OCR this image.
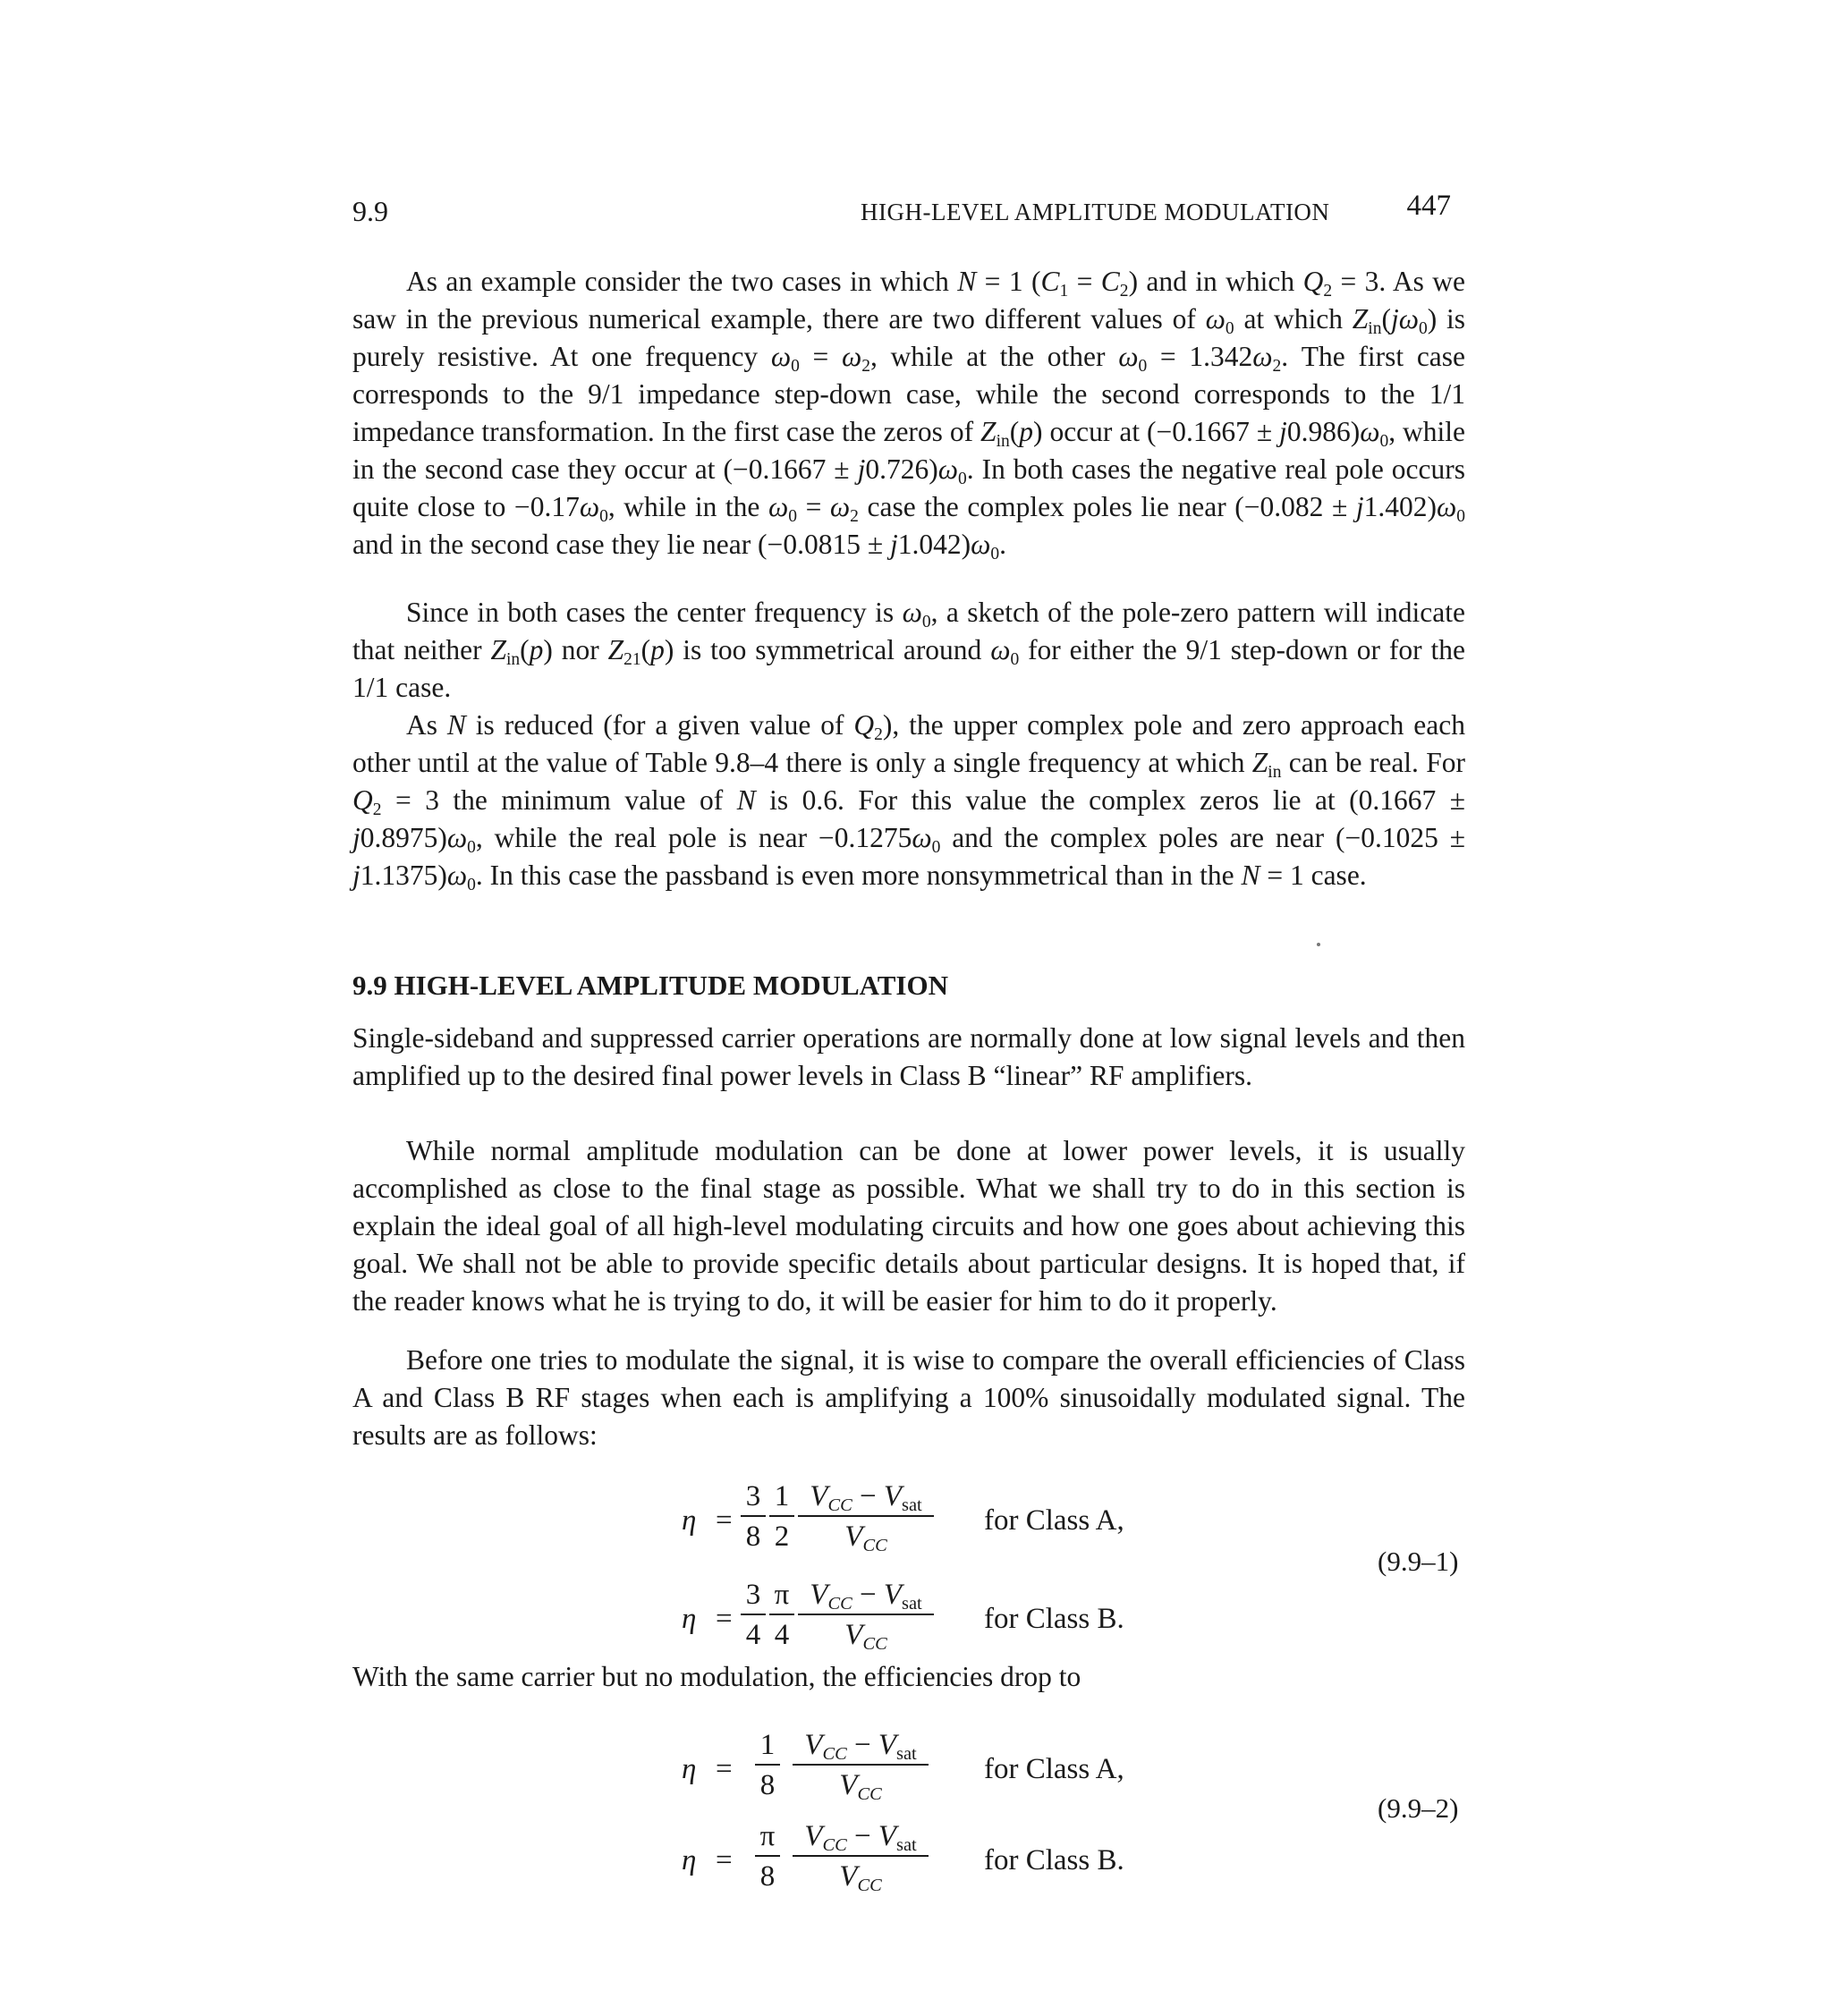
9.9	HIGH-LEVEL AMPLITUDE MODULATION	447
As an example consider the two cases in which N = 1 $(C_1 = C_2)$ and in which $Q_2 = 3$. As we saw in the previous numerical example, there are two different values of $\omega_0$ at which $Z_{in}(j\omega_0)$ is purely resistive. At one frequency $\omega_0 = \omega_2$, while at the other $\omega_0 = 1.342\omega_2$. The first case corresponds to the 9/1 impedance step-down case, while the second corresponds to the 1/1 impedance transformation. In the first case the zeros of $Z_{in}(p)$ occur at $(-0.1667 \pm j0.986)\omega_0$, while in the second case they occur at $(-0.1667 \pm j0.726)\omega_0$. In both cases the negative real pole occurs quite close to $-0.17\omega_0$, while in the $\omega_0 = \omega_2$ case the complex poles lie near $(-0.082 \pm j1.402)\omega_0$ and in the second case they lie near $(-0.0815 \pm j1.042)\omega_0$.
Since in both cases the center frequency is $\omega_0$, a sketch of the pole-zero pattern will indicate that neither $Z_{in}(p)$ nor $Z_{21}(p)$ is too symmetrical around $\omega_0$ for either the 9/1 step-down or for the 1/1 case.
As N is reduced (for a given value of $Q_2$), the upper complex pole and zero approach each other until at the value of Table 9.8–4 there is only a single frequency at which $Z_{in}$ can be real. For $Q_2 = 3$ the minimum value of N is 0.6. For this value the complex zeros lie at $(0.1667 \pm j0.8975)\omega_0$, while the real pole is near $-0.1275\omega_0$ and the complex poles are near $(-0.1025 \pm j1.1375)\omega_0$. In this case the passband is even more nonsymmetrical than in the N = 1 case.
9.9 HIGH-LEVEL AMPLITUDE MODULATION
Single-sideband and suppressed carrier operations are normally done at low signal levels and then amplified up to the desired final power levels in Class B “linear” RF amplifiers.
While normal amplitude modulation can be done at lower power levels, it is usually accomplished as close to the final stage as possible. What we shall try to do in this section is explain the ideal goal of all high-level modulating circuits and how one goes about achieving this goal. We shall not be able to provide specific details about particular designs. It is hoped that, if the reader knows what he is trying to do, it will be easier for him to do it properly.
Before one tries to modulate the signal, it is wise to compare the overall efficiencies of Class A and Class B RF stages when each is amplifying a 100% sinusoidally modulated signal. The results are as follows:
$\eta = \frac{3}{8} \frac{1}{2} V_{CC} - V_{sat}$
$V_{CC}$
for Class A,
(9.9–1)
$\eta = \frac{3}{4} \frac{\pi}{4} V_{CC} - V_{sat}$
$V_{CC}$
for Class B.
With the same carrier but no modulation, the efficiencies drop to
$\eta = \frac{1}{8} V_{CC} - V_{sat}$
$V_{CC}$
for Class A,
(9.9–2)
$\eta = \frac{\pi}{8} V_{CC} - V_{sat}$
$V_{CC}$
for Class B.
